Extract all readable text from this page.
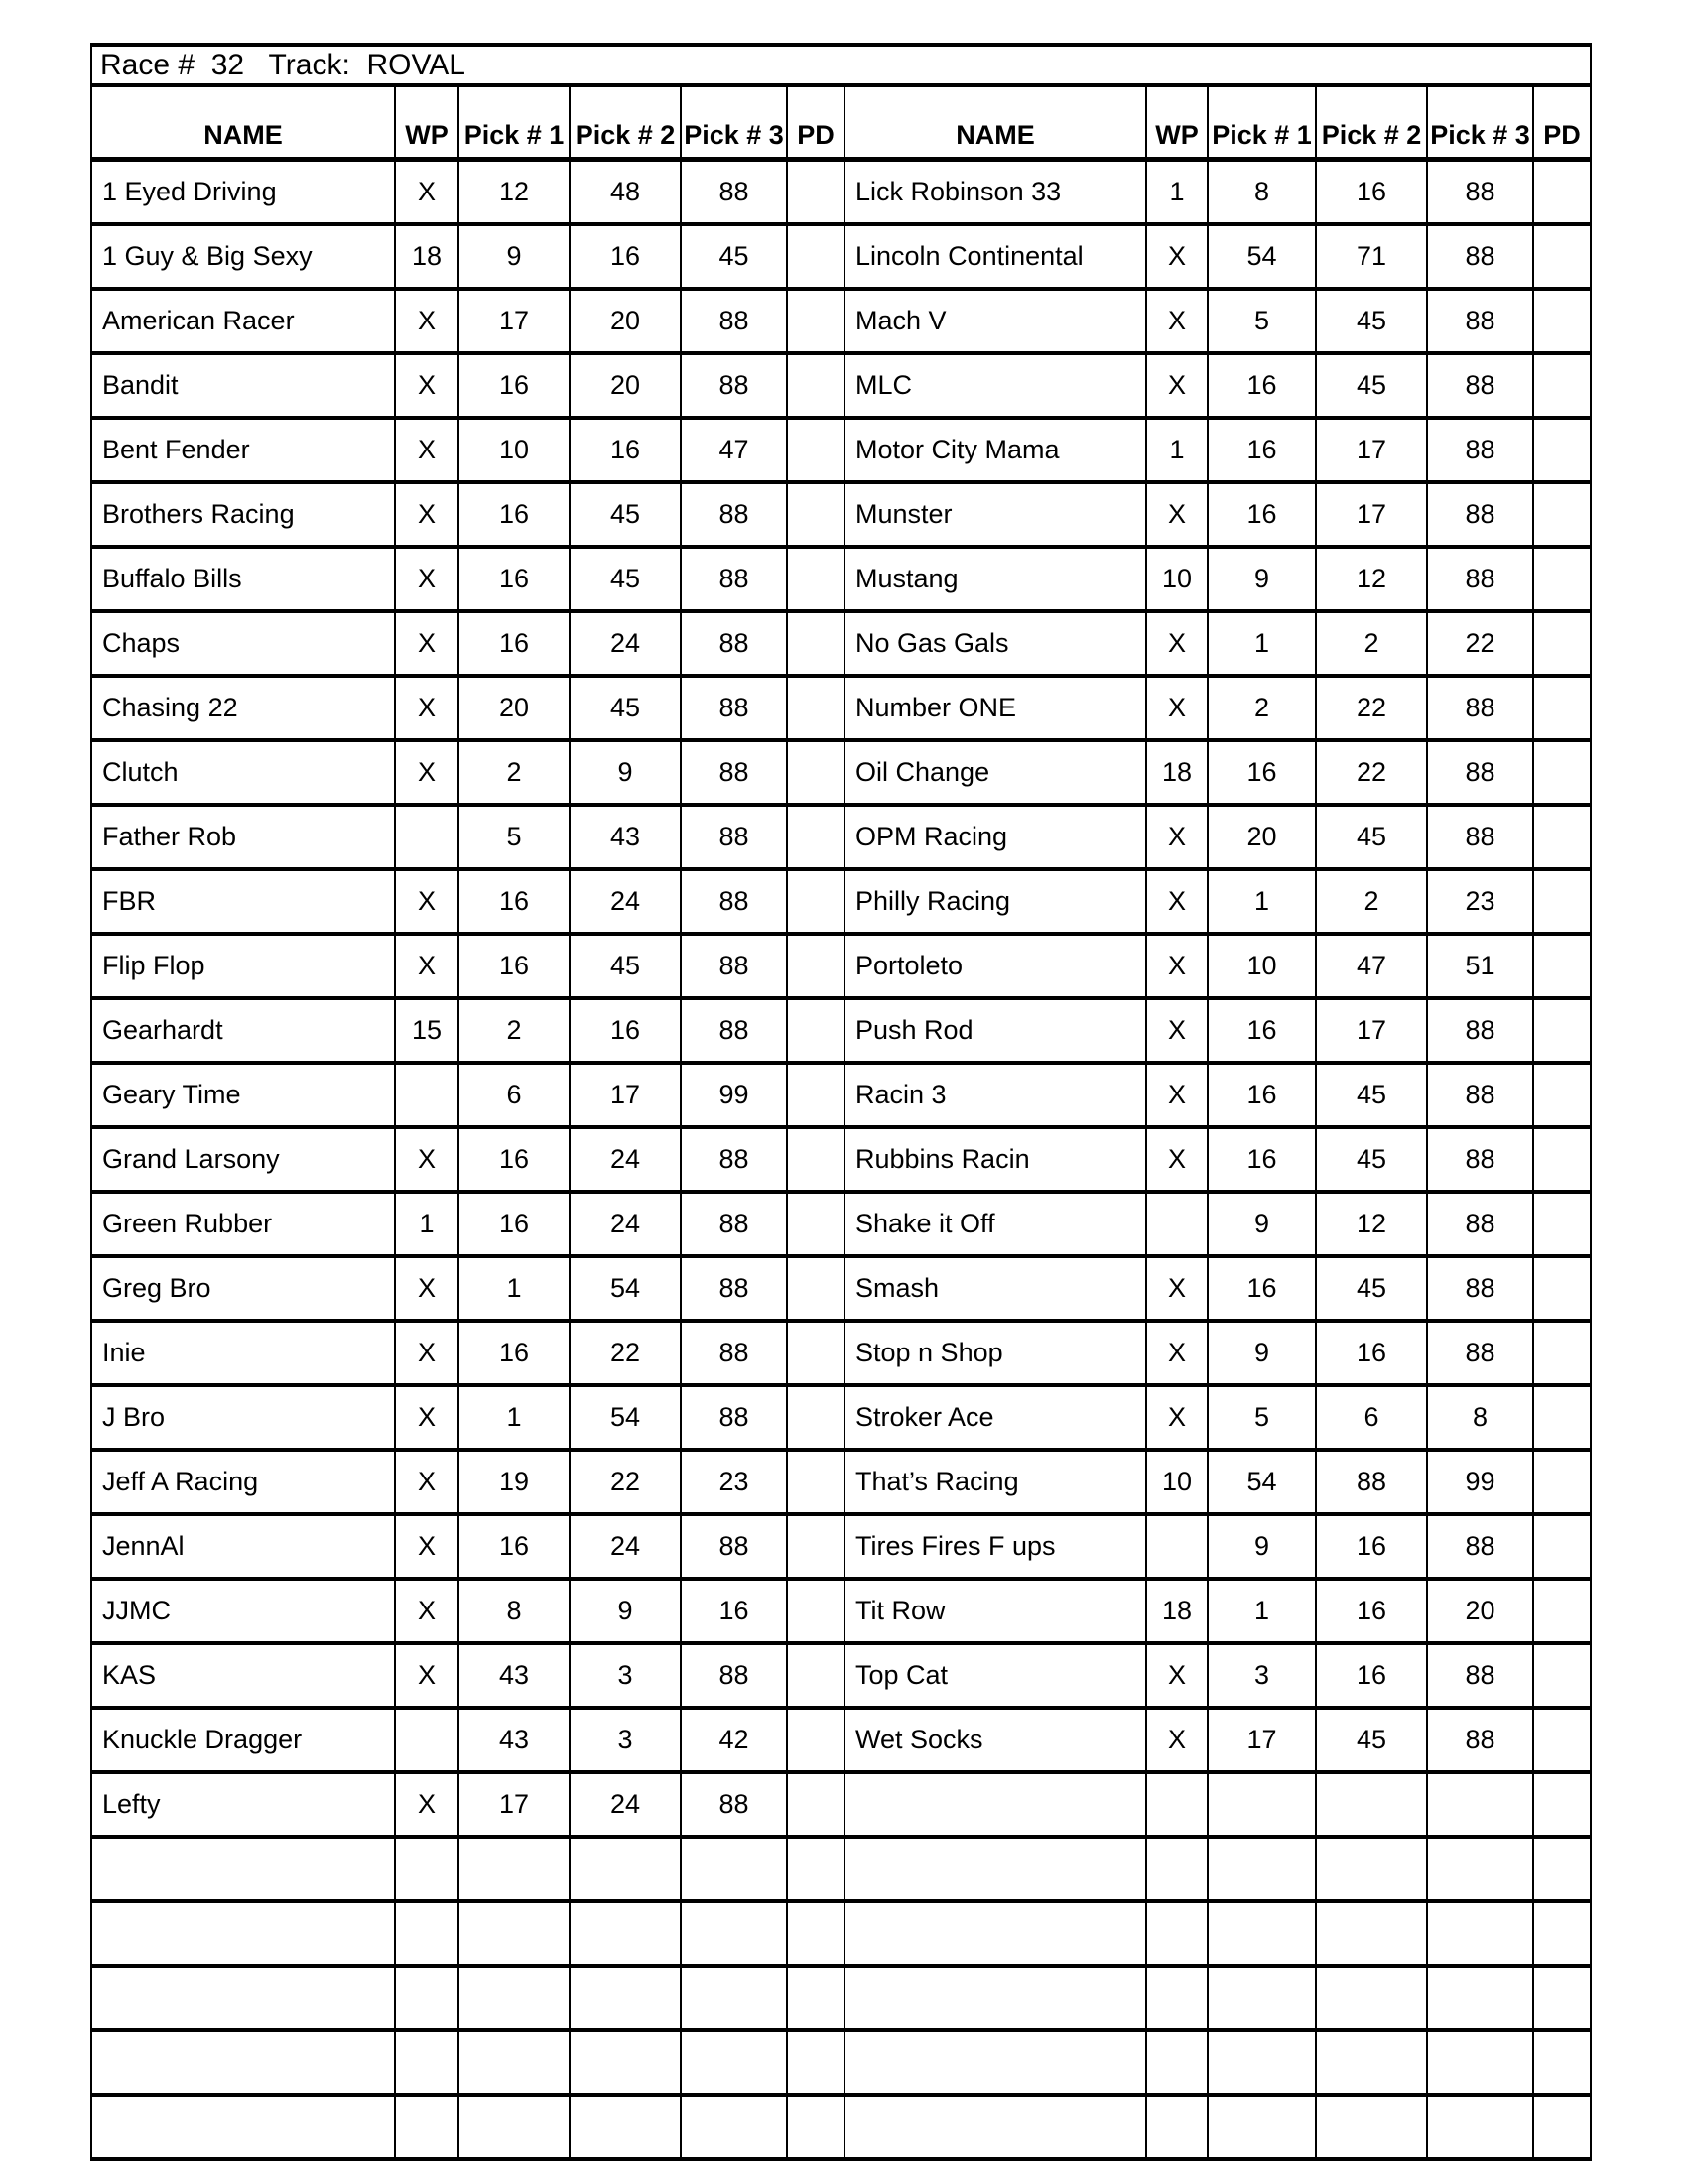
Race #  32   Track:  ROVAL											
NAME	WP	Pick # 1	Pick # 2	Pick # 3	PD	NAME	WP	Pick # 1	Pick # 2	Pick # 3	PD
1 Eyed Driving	X	12	48	88		Lick Robinson 33	1	8	16	88	
1 Guy & Big Sexy	18	9	16	45		Lincoln Continental	X	54	71	88	
American Racer	X	17	20	88		Mach V	X	5	45	88	
Bandit	X	16	20	88		MLC	X	16	45	88	
Bent Fender	X	10	16	47		Motor City Mama	1	16	17	88	
Brothers Racing	X	16	45	88		Munster	X	16	17	88	
Buffalo Bills	X	16	45	88		Mustang	10	9	12	88	
Chaps	X	16	24	88		No Gas Gals	X	1	2	22	
Chasing 22	X	20	45	88		Number ONE	X	2	22	88	
Clutch	X	2	9	88		Oil Change	18	16	22	88	
Father Rob		5	43	88		OPM Racing	X	20	45	88	
FBR	X	16	24	88		Philly Racing	X	1	2	23	
Flip Flop	X	16	45	88		Portoleto	X	10	47	51	
Gearhardt	15	2	16	88		Push Rod	X	16	17	88	
Geary Time		6	17	99		Racin 3	X	16	45	88	
Grand Larsony	X	16	24	88		Rubbins Racin	X	16	45	88	
Green Rubber	1	16	24	88		Shake it Off		9	12	88	
Greg Bro	X	1	54	88		Smash	X	16	45	88	
Inie	X	16	22	88		Stop n Shop	X	9	16	88	
J Bro	X	1	54	88		Stroker Ace	X	5	6	8	
Jeff A Racing	X	19	22	23		That’s Racing	10	54	88	99	
JennAl	X	16	24	88		Tires Fires F ups		9	16	88	
JJMC	X	8	9	16		Tit Row	18	1	16	20	
KAS	X	43	3	88		Top Cat	X	3	16	88	
Knuckle Dragger		43	3	42		Wet Socks	X	17	45	88	
Lefty	X	17	24	88							
